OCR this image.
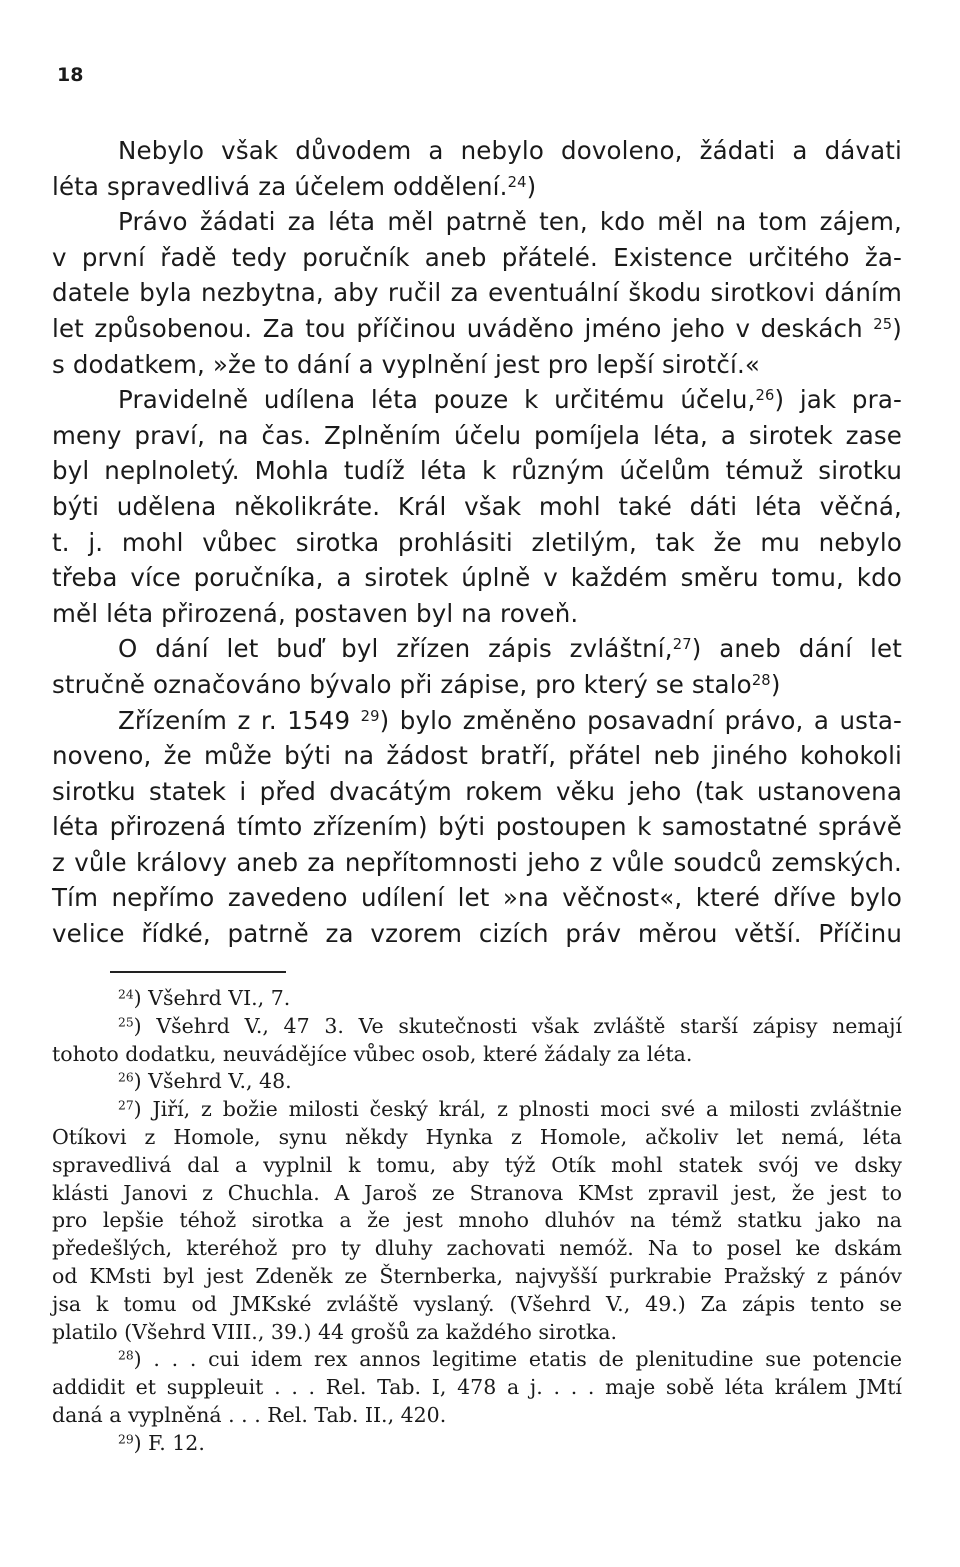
18
Nebylo však důvodem a nebylo dovoleno, žádati a dávati
léta spravedlivá za účelem oddělení.$^{24}$)
Právo žádati za léta měl patrně ten, kdo měl na tom zájem,
v první řadě tedy poručník aneb přátelé. Existence určitého ža-
datele byla nezbytna, aby ručil za eventuální škodu sirotkovi dáním
let způsobenou. Za tou příčinou uváděno jméno jeho v deskách $^{25}$)
s dodatkem, »že to dání a vyplnění jest pro lepší sirotčí.«
Pravidelně udílena léta pouze k určitému účelu,$^{26}$) jak pra-
meny praví, na čas. Zplněním účelu pomíjela léta, a sirotek zase
byl neplnoletý. Mohla tudíž léta k různým účelům témuž sirotku
býti udělena několikráte. Král však mohl také dáti léta věčná,
t. j. mohl vůbec sirotka prohlásiti zletilým, tak že mu nebylo
třeba více poručníka, a sirotek úplně v každém směru tomu, kdo
měl léta přirozená, postaven byl na roveň.
O dání let buď byl zřízen zápis zvláštní,$^{27}$) aneb dání let
stručně označováno bývalo při zápise, pro který se stalo$^{28}$)
Zřízením z r. 1549 $^{29}$) bylo změněno posavadní právo, a usta-
noveno, že může býti na žádost bratří, přátel neb jiného kohokoli
sirotku statek i před dvacátým rokem věku jeho (tak ustanovena
léta přirozená tímto zřízením) býti postoupen k samostatné správě
z vůle královy aneb za nepřítomnosti jeho z vůle soudců zemských.
Tím nepřímo zavedeno udílení let »na věčnost«, které dříve bylo
velice řídké, patrně za vzorem cizích práv měrou větší. Příčinu
$^{24}$) Všehrd VI., 7.
$^{25}$) Všehrd V., 47 3. Ve skutečnosti však zvláště starší zápisy nemají
tohoto dodatku, neuvádějíce vůbec osob, které žádaly za léta.
$^{26}$) Všehrd V., 48.
$^{27}$) Jiří, z božie milosti český král, z plnosti moci své a milosti zvláštnie
Otíkovi z Homole, synu někdy Hynka z Homole, ačkoliv let nemá, léta
spravedlivá dal a vyplnil k tomu, aby týž Otík mohl statek svój ve dsky
klásti Janovi z Chuchla. A Jaroš ze Stranova KMst zpravil jest, že jest to
pro lepšie téhož sirotka a že jest mnoho dluhóv na témž statku jako na
předešlých, kteréhož pro ty dluhy zachovati nemóž. Na to posel ke dskám
od KMsti byl jest Zdeněk ze Šternberka, najvyšší purkrabie Pražský z pánóv
jsa k tomu od JMKské zvláště vyslaný. (Všehrd V., 49.) Za zápis tento se
platilo (Všehrd VIII., 39.) 44 grošů za každého sirotka.
$^{28}$) . . . cui idem rex annos legitime etatis de plenitudine sue potencie
addidit et suppleuit . . . Rel. Tab. I, 478 a j. . . . maje sobě léta králem JMtí
daná a vyplněná . . . Rel. Tab. II., 420.
$^{29}$) F. 12.
